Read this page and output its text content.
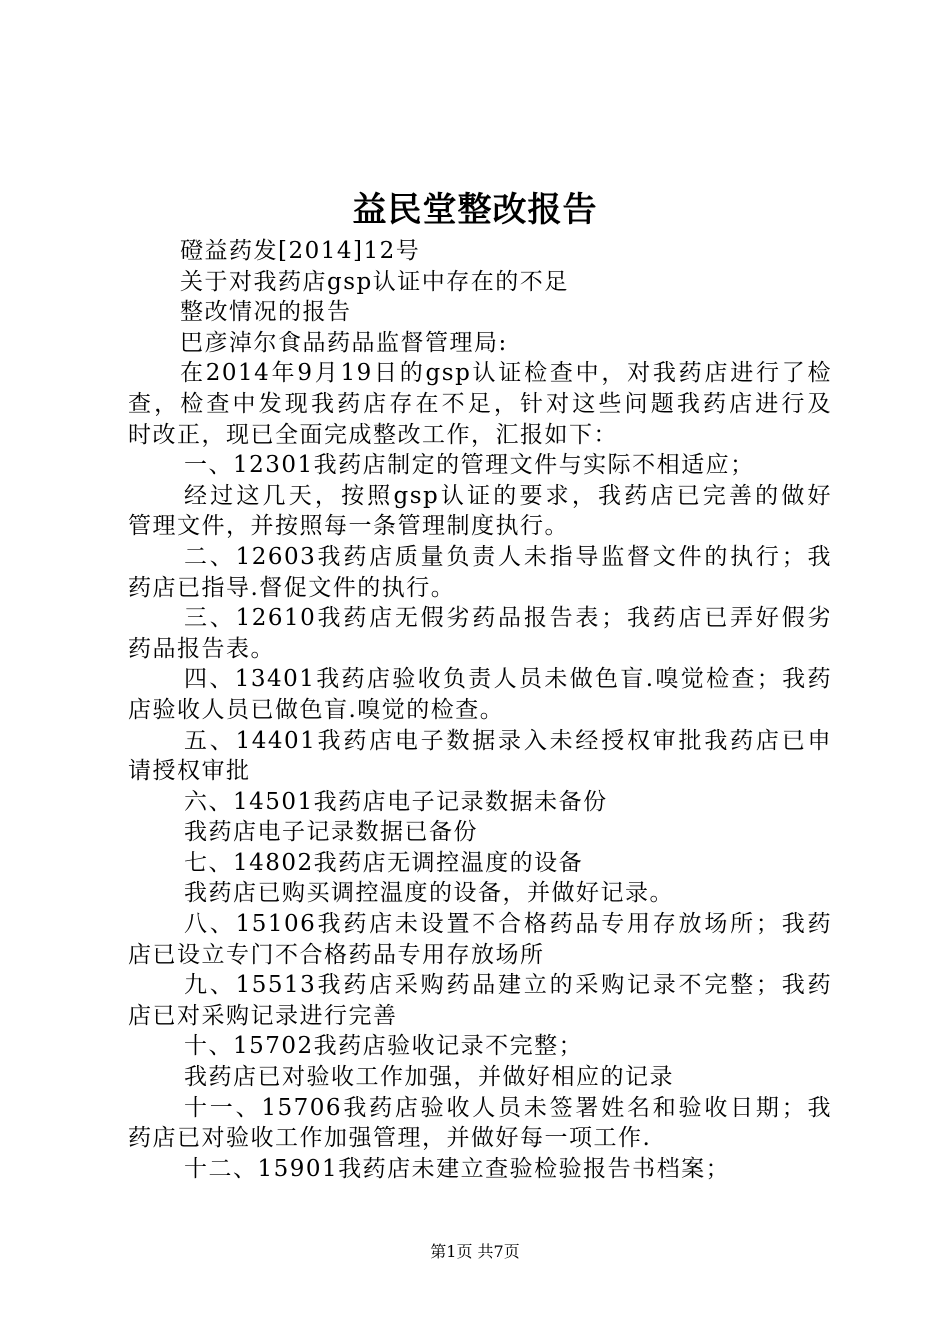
益民堂整改报告
磴益药发[2014]12号
关于对我药店gsp认证中存在的不足
整改情况的报告
巴彦淖尔食品药品监督管理局:
在2014年9月19日的gsp认证检查中，对我药店进行了检
查，检查中发现我药店存在不足，针对这些问题我药店进行及
时改正，现已全面完成整改工作，汇报如下：
一、12301我药店制定的管理文件与实际不相适应；
经过这几天，按照gsp认证的要求，我药店已完善的做好
管理文件，并按照每一条管理制度执行。
二、12603我药店质量负责人未指导监督文件的执行；我
药店已指导.督促文件的执行。
三、12610我药店无假劣药品报告表；我药店已弄好假劣
药品报告表。
四、13401我药店验收负责人员未做色盲.嗅觉检查；我药
店验收人员已做色盲.嗅觉的检查。
五、14401我药店电子数据录入未经授权审批我药店已申
请授权审批
六、14501我药店电子记录数据未备份
我药店电子记录数据已备份
七、14802我药店无调控温度的设备
我药店已购买调控温度的设备，并做好记录。
八、15106我药店未设置不合格药品专用存放场所；我药
店已设立专门不合格药品专用存放场所
九、15513我药店采购药品建立的采购记录不完整；我药
店已对采购记录进行完善
十、15702我药店验收记录不完整；
我药店已对验收工作加强，并做好相应的记录
十一、15706我药店验收人员未签署姓名和验收日期；我
药店已对验收工作加强管理，并做好每一项工作.
十二、15901我药店未建立查验检验报告书档案；
第1页 共7页
